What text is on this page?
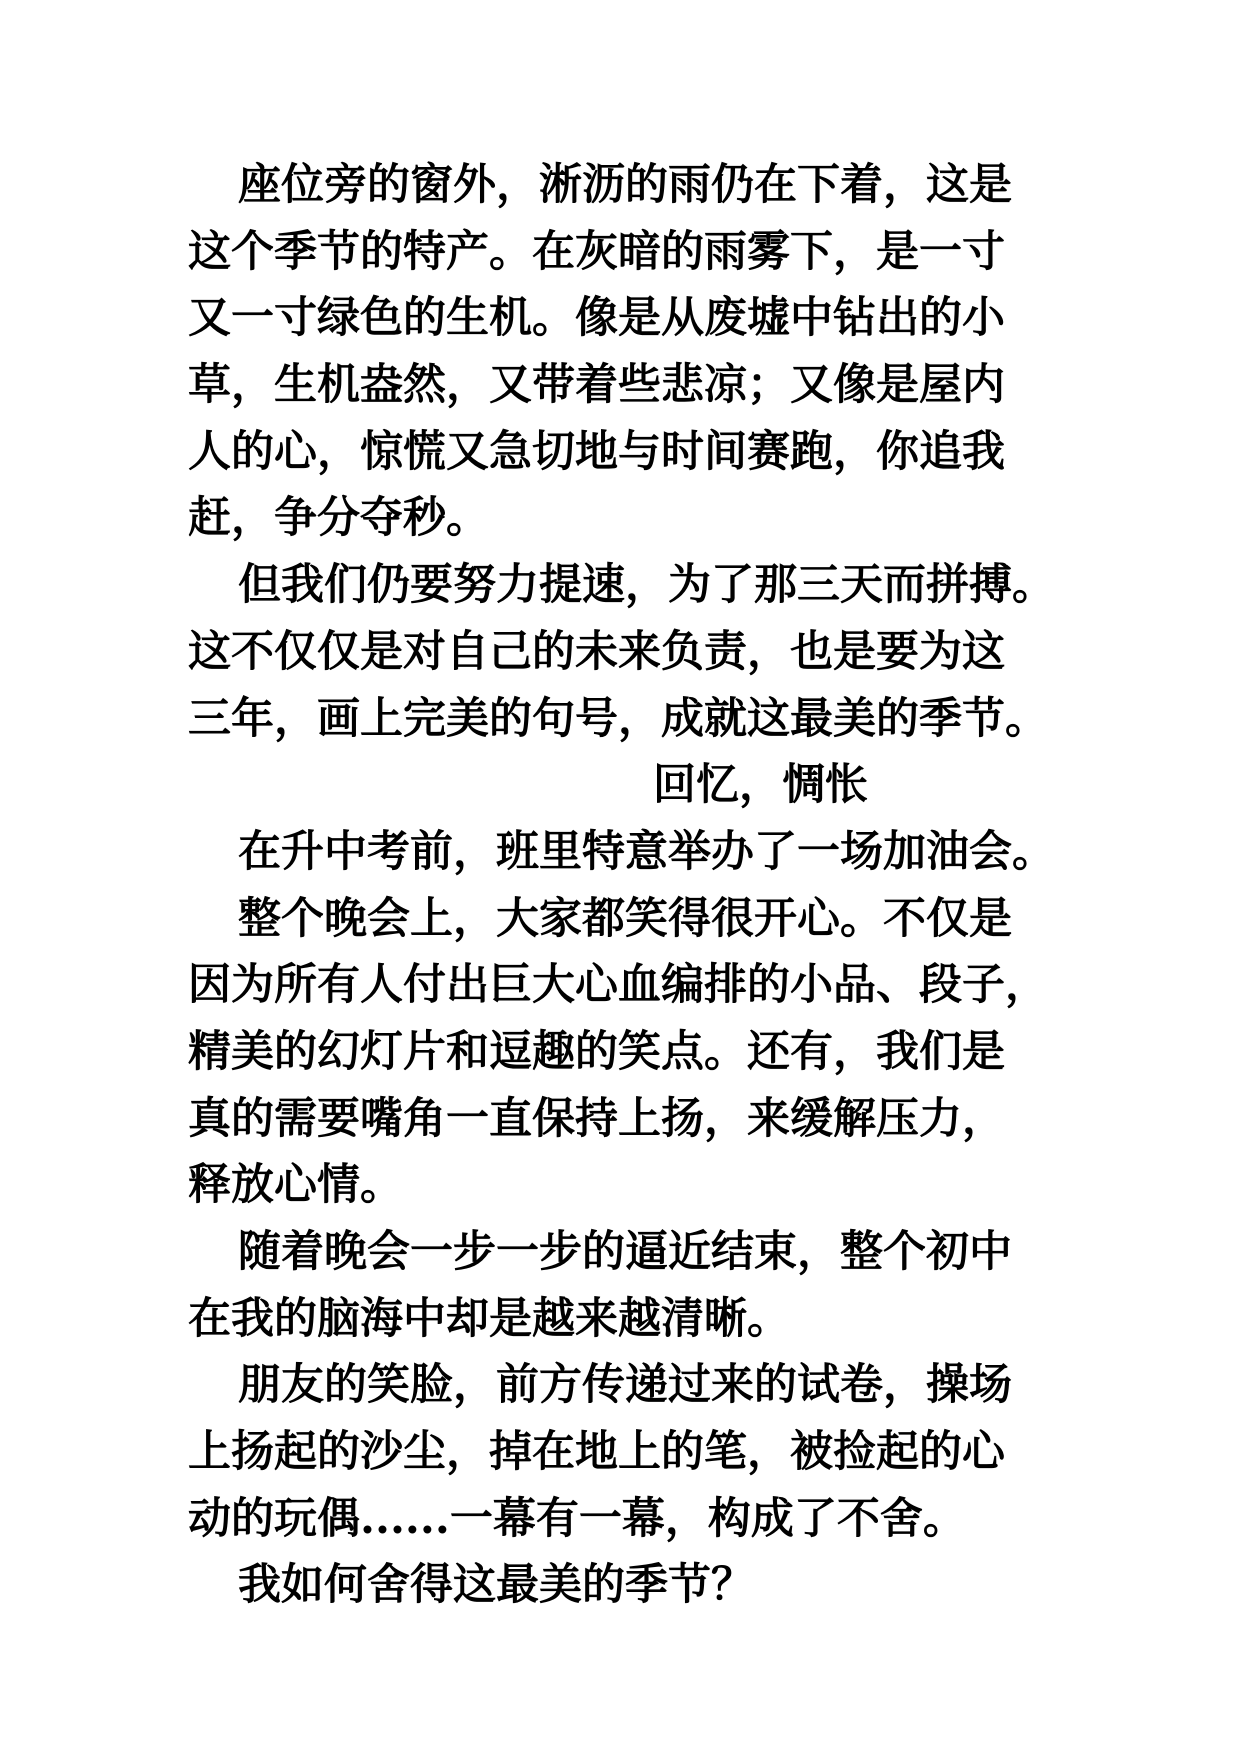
座位旁的窗外，淅沥的雨仍在下着，这是
这个季节的特产。在灰暗的雨雾下，是一寸
又一寸绿色的生机。像是从废墟中钻出的小
草，生机盎然，又带着些悲凉；又像是屋内
人的心，惊慌又急切地与时间赛跑，你追我
赶，争分夺秒。
但我们仍要努力提速，为了那三天而拼搏。
这不仅仅是对自己的未来负责，也是要为这
三年，画上完美的句号，成就这最美的季节。
回忆，惆怅
在升中考前，班里特意举办了一场加油会。
整个晚会上，大家都笑得很开心。不仅是
因为所有人付出巨大心血编排的小品、段子，
精美的幻灯片和逗趣的笑点。还有，我们是
真的需要嘴角一直保持上扬，来缓解压力，
释放心情。
随着晚会一步一步的逼近结束，整个初中
在我的脑海中却是越来越清晰。
朋友的笑脸，前方传递过来的试卷，操场
上扬起的沙尘，掉在地上的笔，被捡起的心
动的玩偶......一幕有一幕，构成了不舍。
我如何舍得这最美的季节？
